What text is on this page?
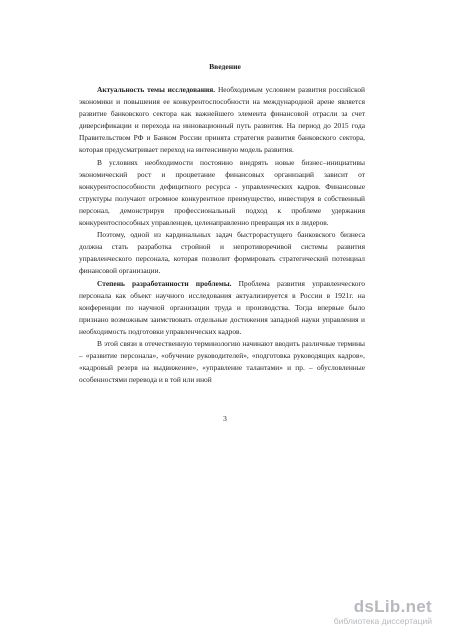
Введение

Актуальность темы исследования. Необходимым условием развития российской экономики и повышения ее конкурентоспособности на международной арене является развитие банковского сектора как важнейшего элемента финансовой отрасли за счет диверсификации и перехода на инновационный путь развития. На период до 2015 года Правительством РФ и Банком России принята стратегия развития банковского сектора, которая предусматривает переход на интенсивную модель развития.

В условиях необходимости постоянно внедрять новые бизнес–инициативы экономический рост и процветание финансовых организаций зависит от конкурентоспособности дефицитного ресурса - управленческих кадров. Финансовые структуры получают огромное конкурентное преимущество, инвестируя в собственный персонал, демонстрируя профессиональный подход к проблеме удержания конкурентоспособных управленцев, целенаправленно превращая их в лидеров.

Поэтому, одной из кардинальных задач быстрорастущего банковского бизнеса должна стать разработка стройной и непротиворечивой системы развития управленческого персонала, которая позволит формировать стратегический потенциал финансовой организации.

Степень разработанности проблемы. Проблема развития управленческого персонала как объект научного исследования актуализируется в России в 1921г. на конференции по научной организации труда и производства. Тогда впервые было признано возможным заимствовать отдельные достижения западной науки управления и необходимость подготовки управленческих кадров.

В этой связи в отечественную терминологию начинают вводить различные термины – «развитие персонала», «обучение руководителей», «подготовка руководящих кадров», «кадровый резерв на выдвижение», «управление талантами» и пр. – обусловленные особенностями перевода и в той или иной

3
dsLib.net
библиотека диссертаций
